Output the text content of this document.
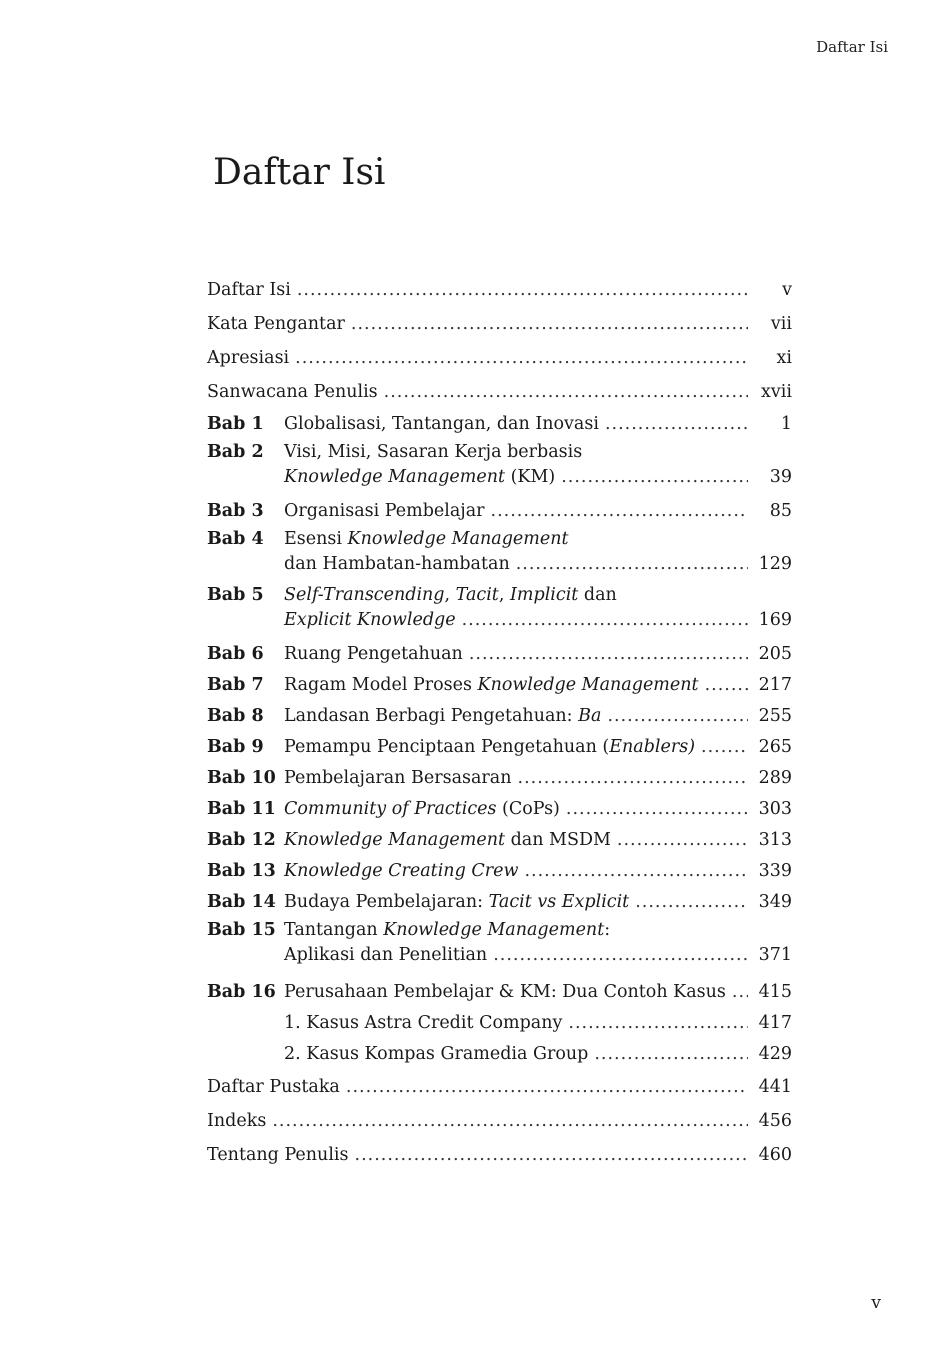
Daftar Isi
Daftar Isi
Daftar Isi .....	v
Kata Pengantar .....	vii
Apresiasi .....	xi
Sanwacana Penulis .....	xvii
Bab 1	Globalisasi, Tantangan, dan Inovasi .....	1
Bab 2	Visi, Misi, Sasaran Kerja berbasis
Knowledge Management (KM) .....	39
Bab 3	Organisasi Pembelajar .....	85
Bab 4	Esensi Knowledge Management
dan Hambatan-hambatan .....	129
Bab 5	Self-Transcending, Tacit, Implicit dan
Explicit Knowledge .....	169
Bab 6	Ruang Pengetahuan .....	205
Bab 7	Ragam Model Proses Knowledge Management .....	217
Bab 8	Landasan Berbagi Pengetahuan: Ba .....	255
Bab 9	Pemampu Penciptaan Pengetahuan (Enablers) .....	265
Bab 10 Pembelajaran Bersasaran .....	289
Bab 11 Community of Practices (CoPs) .....	303
Bab 12 Knowledge Management dan MSDM .....	313
Bab 13 Knowledge Creating Crew .....	339
Bab 14 Budaya Pembelajaran: Tacit vs Explicit .....	349
Bab 15 Tantangan Knowledge Management:
Aplikasi dan Penelitian .....	371
Bab 16 Perusahaan Pembelajar & KM: Dua Contoh Kasus .....	415
1. Kasus Astra Credit Company .....	417
2. Kasus Kompas Gramedia Group .....	429
Daftar Pustaka .....	441
Indeks .....	456
Tentang Penulis .....	460
v
